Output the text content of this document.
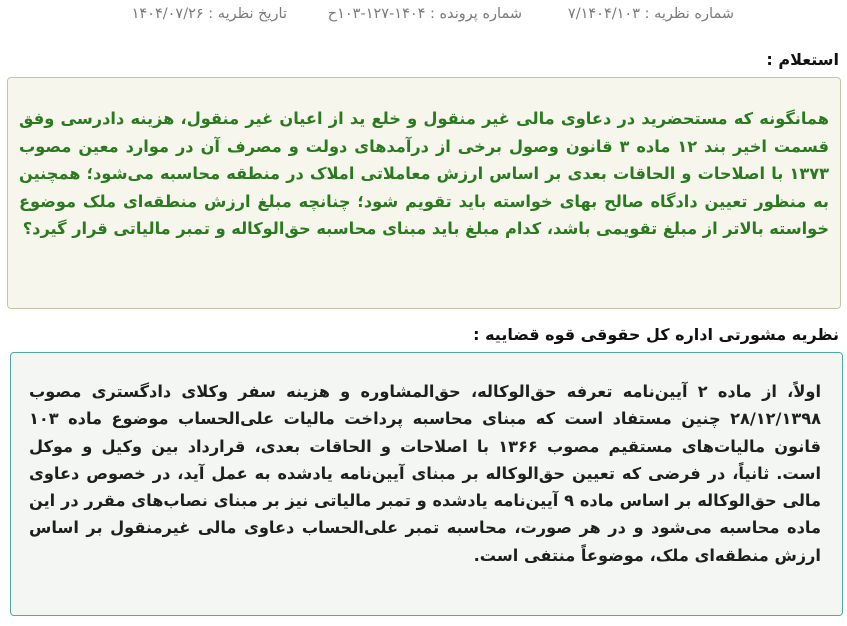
شماره نظریه : ۷/۱۴۰۴/۱۰۳
شماره پرونده : ۱۴۰۴-۱۲۷-۱۰۳ح
تاریخ نظریه : ۱۴۰۴/۰۷/۲۶
استعلام :

همانگونه که مستحضرید در دعاوی مالی غیر منقول و خلع ید از اعیان غیر منقول، هزینه دادرسی وفق قسمت اخیر بند ۱۲ ماده ۳ قانون وصول برخی از درآمدهای دولت و مصرف آن در موارد معین مصوب ۱۳۷۳ با اصلاحات و الحاقات بعدی بر اساس ارزش معاملاتی املاک در منطقه محاسبه می‌شود؛ همچنین به منظور تعیین دادگاه صالح بهای خواسته باید تقویم شود؛ چنانچه مبلغ ارزش منطقه‌ای ملک موضوع خواسته بالاتر از مبلغ تقویمی باشد، کدام مبلغ باید مبنای محاسبه حق‌الوکاله و تمبر مالیاتی قرار گیرد؟

نظریه مشورتی اداره کل حقوقی قوه قضاییه :

اولاً، از ماده ۲ آیین‌نامه تعرفه حق‌الوکاله، حق‌المشاوره و هزینه سفر وکلای دادگستری مصوب ۲۸/۱۲/۱۳۹۸ چنین مستفاد است که مبنای محاسبه پرداخت مالیات علی‌الحساب موضوع ماده ۱۰۳ قانون مالیات‌های مستقیم مصوب ۱۳۶۶ با اصلاحات و الحاقات بعدی، قرارداد بین وکیل و موکل است. ثانیاً، در فرضی که تعیین حق‌الوکاله بر مبنای آیین‌نامه یادشده به عمل آید، در خصوص دعاوی مالی حق‌الوکاله بر اساس ماده ۹ آیین‌نامه یادشده و تمبر مالیاتی نیز بر مبنای نصاب‌های مقرر در این ماده محاسبه می‌شود و در هر صورت، محاسبه تمبر علی‌الحساب دعاوی مالی غیرمنقول بر اساس ارزش منطقه‌ای ملک، موضوعاً منتفی است.
